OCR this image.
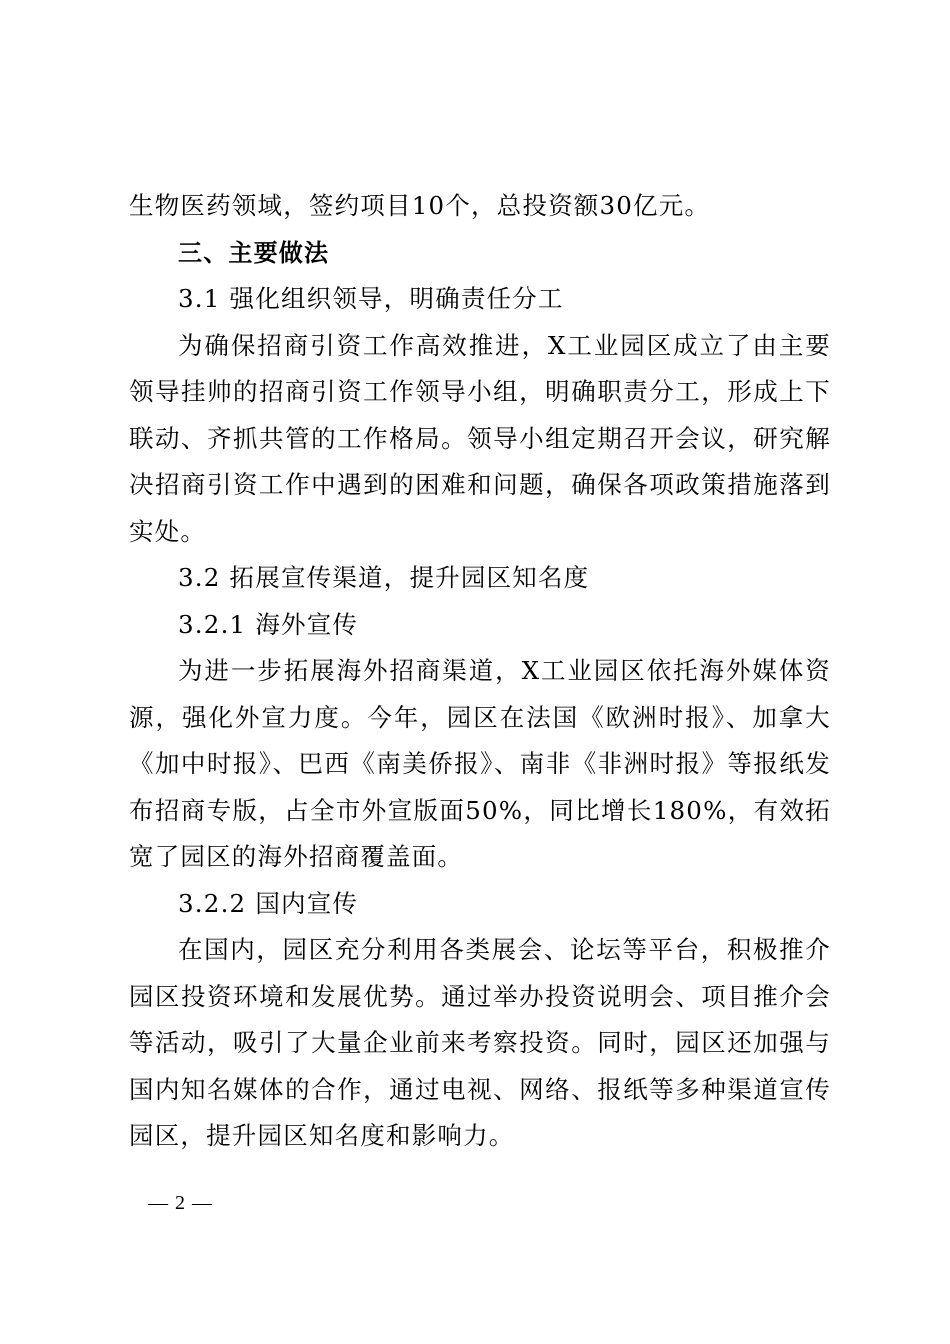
生物医药领域，签约项目10个，总投资额30亿元。

三、主要做法

3.1 强化组织领导，明确责任分工

为确保招商引资工作高效推进，X工业园区成立了由主要领导挂帅的招商引资工作领导小组，明确职责分工，形成上下联动、齐抓共管的工作格局。领导小组定期召开会议，研究解决招商引资工作中遇到的困难和问题，确保各项政策措施落到实处。

3.2 拓展宣传渠道，提升园区知名度

3.2.1 海外宣传

为进一步拓展海外招商渠道，X工业园区依托海外媒体资源，强化外宣力度。今年，园区在法国《欧洲时报》、加拿大《加中时报》、巴西《南美侨报》、南非《非洲时报》等报纸发布招商专版，占全市外宣版面50%，同比增长180%，有效拓宽了园区的海外招商覆盖面。

3.2.2 国内宣传

在国内，园区充分利用各类展会、论坛等平台，积极推介园区投资环境和发展优势。通过举办投资说明会、项目推介会等活动，吸引了大量企业前来考察投资。同时，园区还加强与国内知名媒体的合作，通过电视、网络、报纸等多种渠道宣传园区，提升园区知名度和影响力。

— 2 —
